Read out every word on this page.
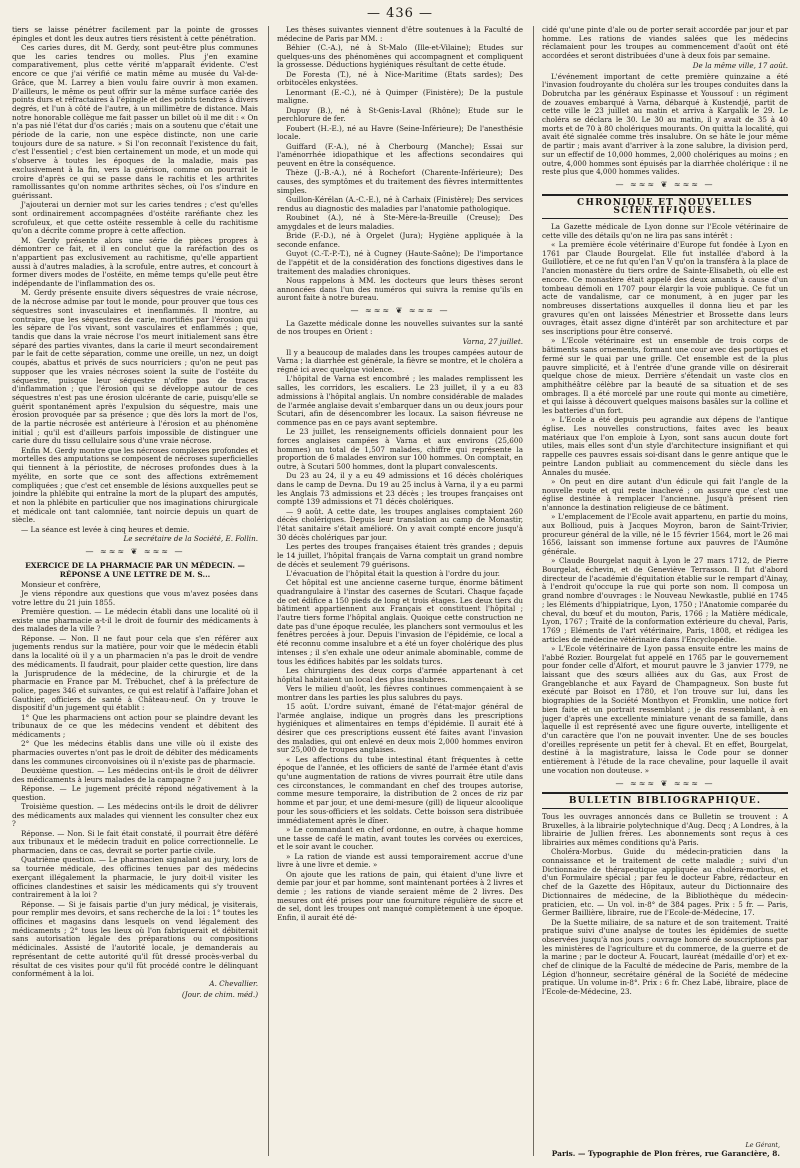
— 436 —

tiers se laisse pénétrer facilement par la pointe de grosses épingles et dont les deux autres tiers résistent à cette pénétration.

Ces caries dures, dit M. Gerdy, sont peut-être plus communes que les caries tendres ou molles. Plus j'en examine comparativement, plus cette vérité m'apparaît évidente. C'est encore ce que j'ai vérifié ce matin même au musée du Val-de-Grâce, que M. Larrey a bien voulu faire ouvrir à mon examen. D'ailleurs, le même os peut offrir sur la même surface cariée des points durs et réfractaires à l'épingle et des points tendres à divers degrés, et l'un à côté de l'autre, à un millimètre de distance. Mais notre honorable collègue me fait passer un billet où il me dit : « On n'a pas nié l'état dur d'os cariés ; mais on a soutenu que c'était une période de la carie, non une espèce distincte, non une carie toujours dure de sa nature. » Si l'on reconnaît l'existence du fait, c'est l'essentiel ; c'est bien certainement un mode, et un mode qui s'observe à toutes les époques de la maladie, mais pas exclusivement à la fin, vers la guérison, comme on pourrait le croire d'après ce qui se passe dans le rachitis et les arthrites ramollissantes qu'on nomme arthrites sèches, où l'os s'indure en guérissant.

J'ajouterai un dernier mot sur les caries tendres ; c'est qu'elles sont ordinairement accompagnées d'ostéite raréfiante chez les scrofuleux, et que cette ostéite ressemble à celle du rachitisme qu'on a décrite comme propre à cette affection.

M. Gerdy présente alors une série de pièces propres à démontrer ce fait, et il en conclut que la raréfaction des os n'appartient pas exclusivement au rachitisme, qu'elle appartient aussi à d'autres maladies, à la scrofule, entre autres, et concourt à former divers modes de l'ostéite, en même temps qu'elle peut être indépendante de l'inflammation des os.

M. Gerdy présente ensuite divers séquestres de vraie nécrose, de la nécrose admise par tout le monde, pour prouver que tous ces séquestres sont invasculaires et inenflammés. Il montre, au contraire, que les séquestres de carie, mortifiés par l'érosion qui les sépare de l'os vivant, sont vasculaires et enflammés ; que, tandis que dans la vraie nécrose l'os meurt initialement sans être séparé des parties vivantes, dans la carie il meurt secondairement par le fait de cette séparation, comme une oreille, un nez, un doigt coupés, abattus et privés de sucs nourriciers ; qu'on ne peut pas supposer que les vraies nécroses soient la suite de l'ostéite du séquestre, puisque leur séquestre n'offre pas de traces d'inflammation ; que l'érosion qui se développe autour de ces séquestres n'est pas une érosion ulcérante de carie, puisqu'elle se guérit spontanément après l'expulsion du séquestre, mais une érosion provoquée par sa présence ; que dès lors la mort de l'os, de la partie nécrosée est antérieure à l'érosion et au phénomène initial ; qu'il est d'ailleurs parfois impossible de distinguer une carie dure du tissu cellulaire sous d'une vraie nécrose.

Enfin M. Gerdy montre que les nécroses complexes profondes et mortelles des amputations se composent de nécroses superficielles qui tiennent à la périostite, de nécroses profondes dues à la myélite, en sorte que ce sont des affections extrêmement compliquées ; que c'est cet ensemble de lésions auxquelles peut se joindre la phlébite qui entraîne la mort de la plupart des amputés, et non la phlébite en particulier que nos imaginations chirurgicale et médicale ont tant calomniée, tant noircie depuis un quart de siècle.

— La séance est levée à cinq heures et demie.

Le secrétaire de la Société, E. Follin.
— ≈≈≈ ❦ ≈≈≈ —
EXERCICE DE LA PHARMACIE PAR UN MÉDECIN. — RÉPONSE A UNE LETTRE DE M. S...

Monsieur et confrère,

Je viens répondre aux questions que vous m'avez posées dans votre lettre du 21 juin 1855.

Première question. — Le médecin établi dans une localité où il existe une pharmacie a-t-il le droit de fournir des médicaments à des malades de la ville ?

Réponse. — Non. Il ne faut pour cela que s'en référer aux jugements rendus sur la matière, pour voir que le médecin établi dans la localité où il y a un pharmacien n'a pas le droit de vendre des médicaments. Il faudrait, pour plaider cette question, lire dans la Jurisprudence de la médecine, de la chirurgie et de la pharmacie en France par M. Trébuchet, chef à la préfecture de police, pages 346 et suivantes, ce qui est relatif à l'affaire Johan et Gauthier, officiers de santé à Château-neuf. On y trouve le dispositif d'un jugement qui établit :

1° Que les pharmaciens ont action pour se plaindre devant les tribunaux de ce que les médecins vendent et débitent des médicaments ;

2° Que les médecins établis dans une ville où il existe des pharmacies ouvertes n'ont pas le droit de débiter des médicaments dans les communes circonvoisines où il n'existe pas de pharmacie.

Deuxième question. — Les médecins ont-ils le droit de délivrer des médicaments à leurs malades de la campagne ?

Réponse. — Le jugement précité répond négativement à la question.

Troisième question. — Les médecins ont-ils le droit de délivrer des médicaments aux malades qui viennent les consulter chez eux ?

Réponse. — Non. Si le fait était constaté, il pourrait être déféré aux tribunaux et le médecin traduit en police correctionnelle. Le pharmacien, dans ce cas, devrait se porter partie civile.

Quatrième question. — Le pharmacien signalant au jury, lors de sa tournée médicale, des officines tenues par des médecins exerçant illégalement la pharmacie, le jury doit-il visiter les officines clandestines et saisir les médicaments qui s'y trouvent contrairement à la loi ?

Réponse. — Si je faisais partie d'un jury médical, je visiterais, pour remplir mes devoirs, et sans recherche de la loi : 1° toutes les officines et magasins dans lesquels on vend légalement des médicaments ; 2° tous les lieux où l'on fabriquerait et débiterait sans autorisation légale des préparations ou compositions médicinales. Assisté de l'autorité locale, je demanderais au représentant de cette autorité qu'il fût dressé procès-verbal du résultat de ces visites pour qu'il fût procédé contre le délinquant conformément à la loi.

A. Chevallier.
(Jour. de chim. méd.)

Les thèses suivantes viennent d'être soutenues à la Faculté de médecine de Paris par MM. :

Béhier (C.-A.), né à St-Malo (Ille-et-Vilaine); Etudes sur quelques-uns des phénomènes qui accompagnent et compliquent la grossesse. Déductions hygiéniques résultant de cette étude.

De Foresta (T.), né à Nice-Maritime (Etats sardes); Des orbitocèles enkystées.

Lenormant (E.-C.), né à Quimper (Finistère); De la pustule maligne.

Dupuy (B.), né à St-Genis-Laval (Rhône); Etude sur le perchlorure de fer.

Foubert (H.-E.), né au Havre (Seine-Inférieure); De l'anesthésie locale.

Guiffard (F.-A.), né à Cherbourg (Manche); Essai sur l'aménorrhée idiopathique et les affections secondaires qui peuvent en être la conséquence.

Thèze (J.-B.-A.), né à Rochefort (Charente-Inférieure); Des causes, des symptômes et du traitement des fièvres intermittentes simples.

Guillon-Kérélan (A.-C.-E.), né à Carhaix (Finistère); Des services rendus au diagnostic des maladies par l'anatomie pathologique.

Roubinet (A.), né à Ste-Mère-la-Breuille (Creuse); Des amygdales et de leurs maladies.

Bride (F.-D.), né à Orgelet (Jura); Hygiène appliquée à la seconde enfance.

Guyot (C.-T.-P.-T.), né à Cugney (Haute-Saône); De l'importance de l'appétit et de la considération des fonctions digestives dans le traitement des maladies chroniques.

Nous rappelons à MM. les docteurs que leurs thèses seront annoncées dans l'un des numéros qui suivra la remise qu'ils en auront faite à notre bureau.

— ≈≈≈ ❦ ≈≈≈ —

La Gazette médicale donne les nouvelles suivantes sur la santé de nos troupes en Orient :

Varna, 27 juillet.

Il y a beaucoup de malades dans les troupes campées autour de Varna ; la diarrhée est générale, la fièvre se montre, et le choléra a régné ici avec quelque violence.

L'hôpital de Varna est encombré ; les malades remplissent les salles, les corridors, les escaliers. Le 23 juillet, il y a eu 83 admissions à l'hôpital anglais. Un nombre considérable de malades de l'armée anglaise devait s'embarquer dans un ou deux jours pour Scutari, afin de désencombrer les locaux. La saison fiévreuse ne commence pas en ce pays avant septembre.

Le 23 juillet, les renseignements officiels donnaient pour les forces anglaises campées à Varna et aux environs (25,600 hommes) un total de 1,507 malades, chiffre qui représente la proportion de 6 malades environ sur 100 hommes. On comptait, en outre, à Scutari 500 hommes, dont la plupart convalescents.

Du 23 au 24, il y a eu 49 admissions et 16 décès cholériques dans le camp de Devna. Du 19 au 25 inclus à Varna, il y a eu parmi les Anglais 73 admissions et 23 décès ; les troupes françaises ont compté 139 admissions et 71 décès cholériques.

— 9 août. A cette date, les troupes anglaises comptaient 260 décès cholériques. Depuis leur translation au camp de Monastir, l'état sanitaire s'était amélioré. On y avait compté encore jusqu'à 30 décès cholériques par jour.

Les pertes des troupes françaises étaient très grandes ; depuis le 14 juillet, l'hôpital français de Varna comptait un grand nombre de décès et seulement 79 guérisons.

L'évacuation de l'hôpital était la question à l'ordre du jour.

Cet hôpital est une ancienne caserne turque, énorme bâtiment quadrangulaire à l'instar des casernes de Scutari. Chaque façade de cet édifice a 150 pieds de long et trois étages. Les deux tiers du bâtiment appartiennent aux Français et constituent l'hôpital ; l'autre tiers forme l'hôpital anglais. Quoique cette construction ne date pas d'une époque reculée, les planchers sont vermoulus et les fenêtres percées à jour. Depuis l'invasion de l'épidémie, ce local a été reconnu comme insalubre et a été un foyer cholérique des plus intenses ; il s'en exhale une odeur animale abominable, comme de tous les édifices habités par les soldats turcs.

Les chirurgiens des deux corps d'armée appartenant à cet hôpital habitaient un local des plus insalubres.

Vers le milieu d'août, les fièvres continues commençaient à se montrer dans les parties les plus salubres du pays.

15 août. L'ordre suivant, émané de l'état-major général de l'armée anglaise, indique un progrès dans les prescriptions hygiéniques et alimentaires en temps d'épidémie. Il aurait été à désirer que ces prescriptions eussent été faites avant l'invasion des maladies, qui ont enlevé en deux mois 2,000 hommes environ sur 25,000 de troupes anglaises.

« Les affections du tube intestinal étant fréquentes à cette époque de l'année, et les officiers de santé de l'armée étant d'avis qu'une augmentation de rations de vivres pourrait être utile dans ces circonstances, le commandant en chef des troupes autorise, comme mesure temporaire, la distribution de 2 onces de riz par homme et par jour, et une demi-mesure (gill) de liqueur alcoolique pour les sous-officiers et les soldats. Cette boisson sera distribuée immédiatement après le dîner.

» Le commandant en chef ordonne, en outre, à chaque homme une tasse de café le matin, avant toutes les corvées ou exercices, et le soir avant le coucher.

» La ration de viande est aussi temporairement accrue d'une livre à une livre et demie. »

On ajoute que les rations de pain, qui étaient d'une livre et demie par jour et par homme, sont maintenant portées à 2 livres et demie ; les rations de viande seraient même de 2 livres. Des mesures ont été prises pour une fourniture régulière de sucre et de sel, dont les troupes ont manqué complètement à une époque. Enfin, il aurait été dé-

cidé qu'une pinte d'ale ou de porter serait accordée par jour et par homme. Les rations de viandes salées que les médecins réclamaient pour les troupes au commencement d'août ont été accordées et seront distribuées d'une à deux fois par semaine.

De la même ville, 17 août.

L'événement important de cette première quinzaine a été l'invasion foudroyante du choléra sur les troupes conduites dans la Dobrutcha par les généraux Espinasse et Youssouf : un régiment de zouaves embarqué à Varna, débarqué à Kustendjé, partit de cette ville le 23 juillet au matin et arriva à Kargalik le 29. Le choléra se déclara le 30. Le 30 au matin, il y avait de 35 à 40 morts et de 70 à 80 cholériques mourants. On quitta la localité, qui avait été signalée comme très insalubre. On se hâte le jour même de partir ; mais avant d'arriver à la zone salubre, la division perd, sur un effectif de 10,000 hommes, 2,000 cholériques au moins ; en outre, 4,000 hommes sont épuisés par la diarrhée cholérique : il ne reste plus que 4,000 hommes valides.

— ≈≈≈ ❦ ≈≈≈ —
CHRONIQUE ET NOUVELLES SCIENTIFIQUES.

La Gazette médicale de Lyon donne sur l'Ecole vétérinaire de cette ville des détails qu'on ne lira pas sans intérêt :

« La première école vétérinaire d'Europe fut fondée à Lyon en 1761 par Claude Bourgelat. Elle fut installée d'abord à la Guillotière, et ce ne fut qu'en l'an V qu'on la transféra à la place de l'ancien monastère du tiers ordre de Sainte-Elisabeth, où elle est encore. Ce monastère était appelé des deux amants à cause d'un tombeau démoli en 1707 pour élargir la voie publique. Ce fut un acte de vandalisme, car ce monument, à en juger par les nombreuses dissertations auxquelles il donna lieu et par les gravures qu'en ont laissées Ménestrier et Brossette dans leurs ouvrages, était assez digne d'intérêt par son architecture et par ses inscriptions pour être conservé.

» L'Ecole vétérinaire est un ensemble de trois corps de bâtiments sans ornements, formant une cour avec des portiques et fermé sur le quai par une grille. Cet ensemble est de la plus pauvre simplicité, et à l'entrée d'une grande ville on désirerait quelque chose de mieux. Derrière s'étendait un vaste clos en amphithéâtre célèbre par la beauté de sa situation et de ses ombrages. Il a été morcelé par une route qui monte au cimetière, et qui laisse à découvert quelques maisons basâles sur la colline et les batteries d'un fort.

» L'Ecole a été depuis peu agrandie aux dépens de l'antique église. Les nouvelles constructions, faites avec les beaux matériaux que l'on emploie à Lyon, sont sans aucun doute fort utiles, mais elles sont d'un style d'architecture insignifiant et qui rappelle ces pauvres essais soi-disant dans le genre antique que le peintre Landon publiait au commencement du siècle dans les Annales du musée.

» On peut en dire autant d'un édicule qui fait l'angle de la nouvelle route et qui reste inachevé ; on assure que c'est une église destinée à remplacer l'ancienne. Jusqu'à présent rien n'annonce la destination religieuse de ce bâtiment.

» L'emplacement de l'Ecole avait appartenu, en partie du moins, aux Bollioud, puis à Jacques Moyron, baron de Saint-Trivier, procureur général de la ville, né le 15 février 1564, mort le 26 mai 1656, laissant son immense fortune aux pauvres de l'Aumône générale.

» Claude Bourgelat naquit à Lyon le 27 mars 1712, de Pierre Bourgelat, échevin, et de Geneviève Terrasson. Il fut d'abord directeur de l'académie d'équitation établie sur le rempart d'Ainay, à l'endroit qu'occupe la rue qui porte son nom. Il composa un grand nombre d'ouvrages : le Nouveau Newkastle, publié en 1745 ; les Eléments d'hippiatrique, Lyon, 1750 ; l'Anatomie comparée du cheval, du bœuf et du mouton, Paris, 1766 ; la Matière médicale, Lyon, 1767 ; Traité de la conformation extérieure du cheval, Paris, 1769 ; Eléments de l'art vétérinaire, Paris, 1808, et rédigea les articles de médecine vétérinaire dans l'Encyclopédie.

» L'Ecole vétérinaire de Lyon passa ensuite entre les mains de l'abbé Rozier. Bourgelat fut appelé en 1765 par le gouvernement pour fonder celle d'Alfort, et mourut pauvre le 3 janvier 1779, ne laissant que des sœurs alliées aux du Gas, aux Frost de Grangeblanche et aux Fayard de Champagneux. Son buste fut exécuté par Boisot en 1780, et l'on trouve sur lui, dans les biographies de la Société Montbyon et Fromklin, une notice fort bien faite et un portrait ressemblant ; je dis ressemblant, à en juger d'après une excellente miniature venant de sa famille, dans laquelle il est représenté avec une figure ouverte, intelligente et d'un caractère que l'on ne pouvait inventer. Une de ses boucles d'oreilles représente un petit fer à cheval. Et en effet, Bourgelat, destiné à la magistrature, laissa le Code pour se donner entièrement à l'étude de la race chevaline, pour laquelle il avait une vocation non douteuse. »

— ≈≈≈ ❦ ≈≈≈ —
BULLETIN BIBLIOGRAPHIQUE.

Tous les ouvrages annoncés dans ce Bulletin se trouvent : A Bruxelles, à la librairie polytechnique d'Aug. Decq ; A Londres, à la librairie de Jullien frères. Les abonnements sont reçus à ces librairies aux mêmes conditions qu'à Paris.

Choléra-Morbus. Guide du médecin-praticien dans la connaissance et le traitement de cette maladie ; suivi d'un Dictionnaire de thérapeutique appliquée au choléra-morbus, et d'un Formulaire spécial ; par feu le docteur Fabre, rédacteur en chef de la Gazette des Hôpitaux, auteur du Dictionnaire des Dictionnaires de médecine, de la Bibliothèque du médecin-praticien, etc. — Un vol. in-8° de 384 pages. Prix : 5 fr. — Paris, Germer Baillière, libraire, rue de l'Ecole-de-Médecine, 17.

De la Suette miliaire, de sa nature et de son traitement. Traité pratique suivi d'une analyse de toutes les épidémies de suette observées jusqu'à nos jours ; ouvrage honoré de souscriptions par les ministères de l'agriculture et du commerce, de la guerre et de la marine ; par le docteur A. Foucart, lauréat (médaille d'or) et ex-chef de clinique de la Faculté de médecine de Paris, membre de la Légion d'honneur, secrétaire général de la Société de médecine pratique. Un volume in-8°. Prix : 6 fr. Chez Labé, libraire, place de l'Ecole-de-Médecine, 23.

Le Gérant,
Paris. — Typographie de Plon frères, rue Garancière, 8.
